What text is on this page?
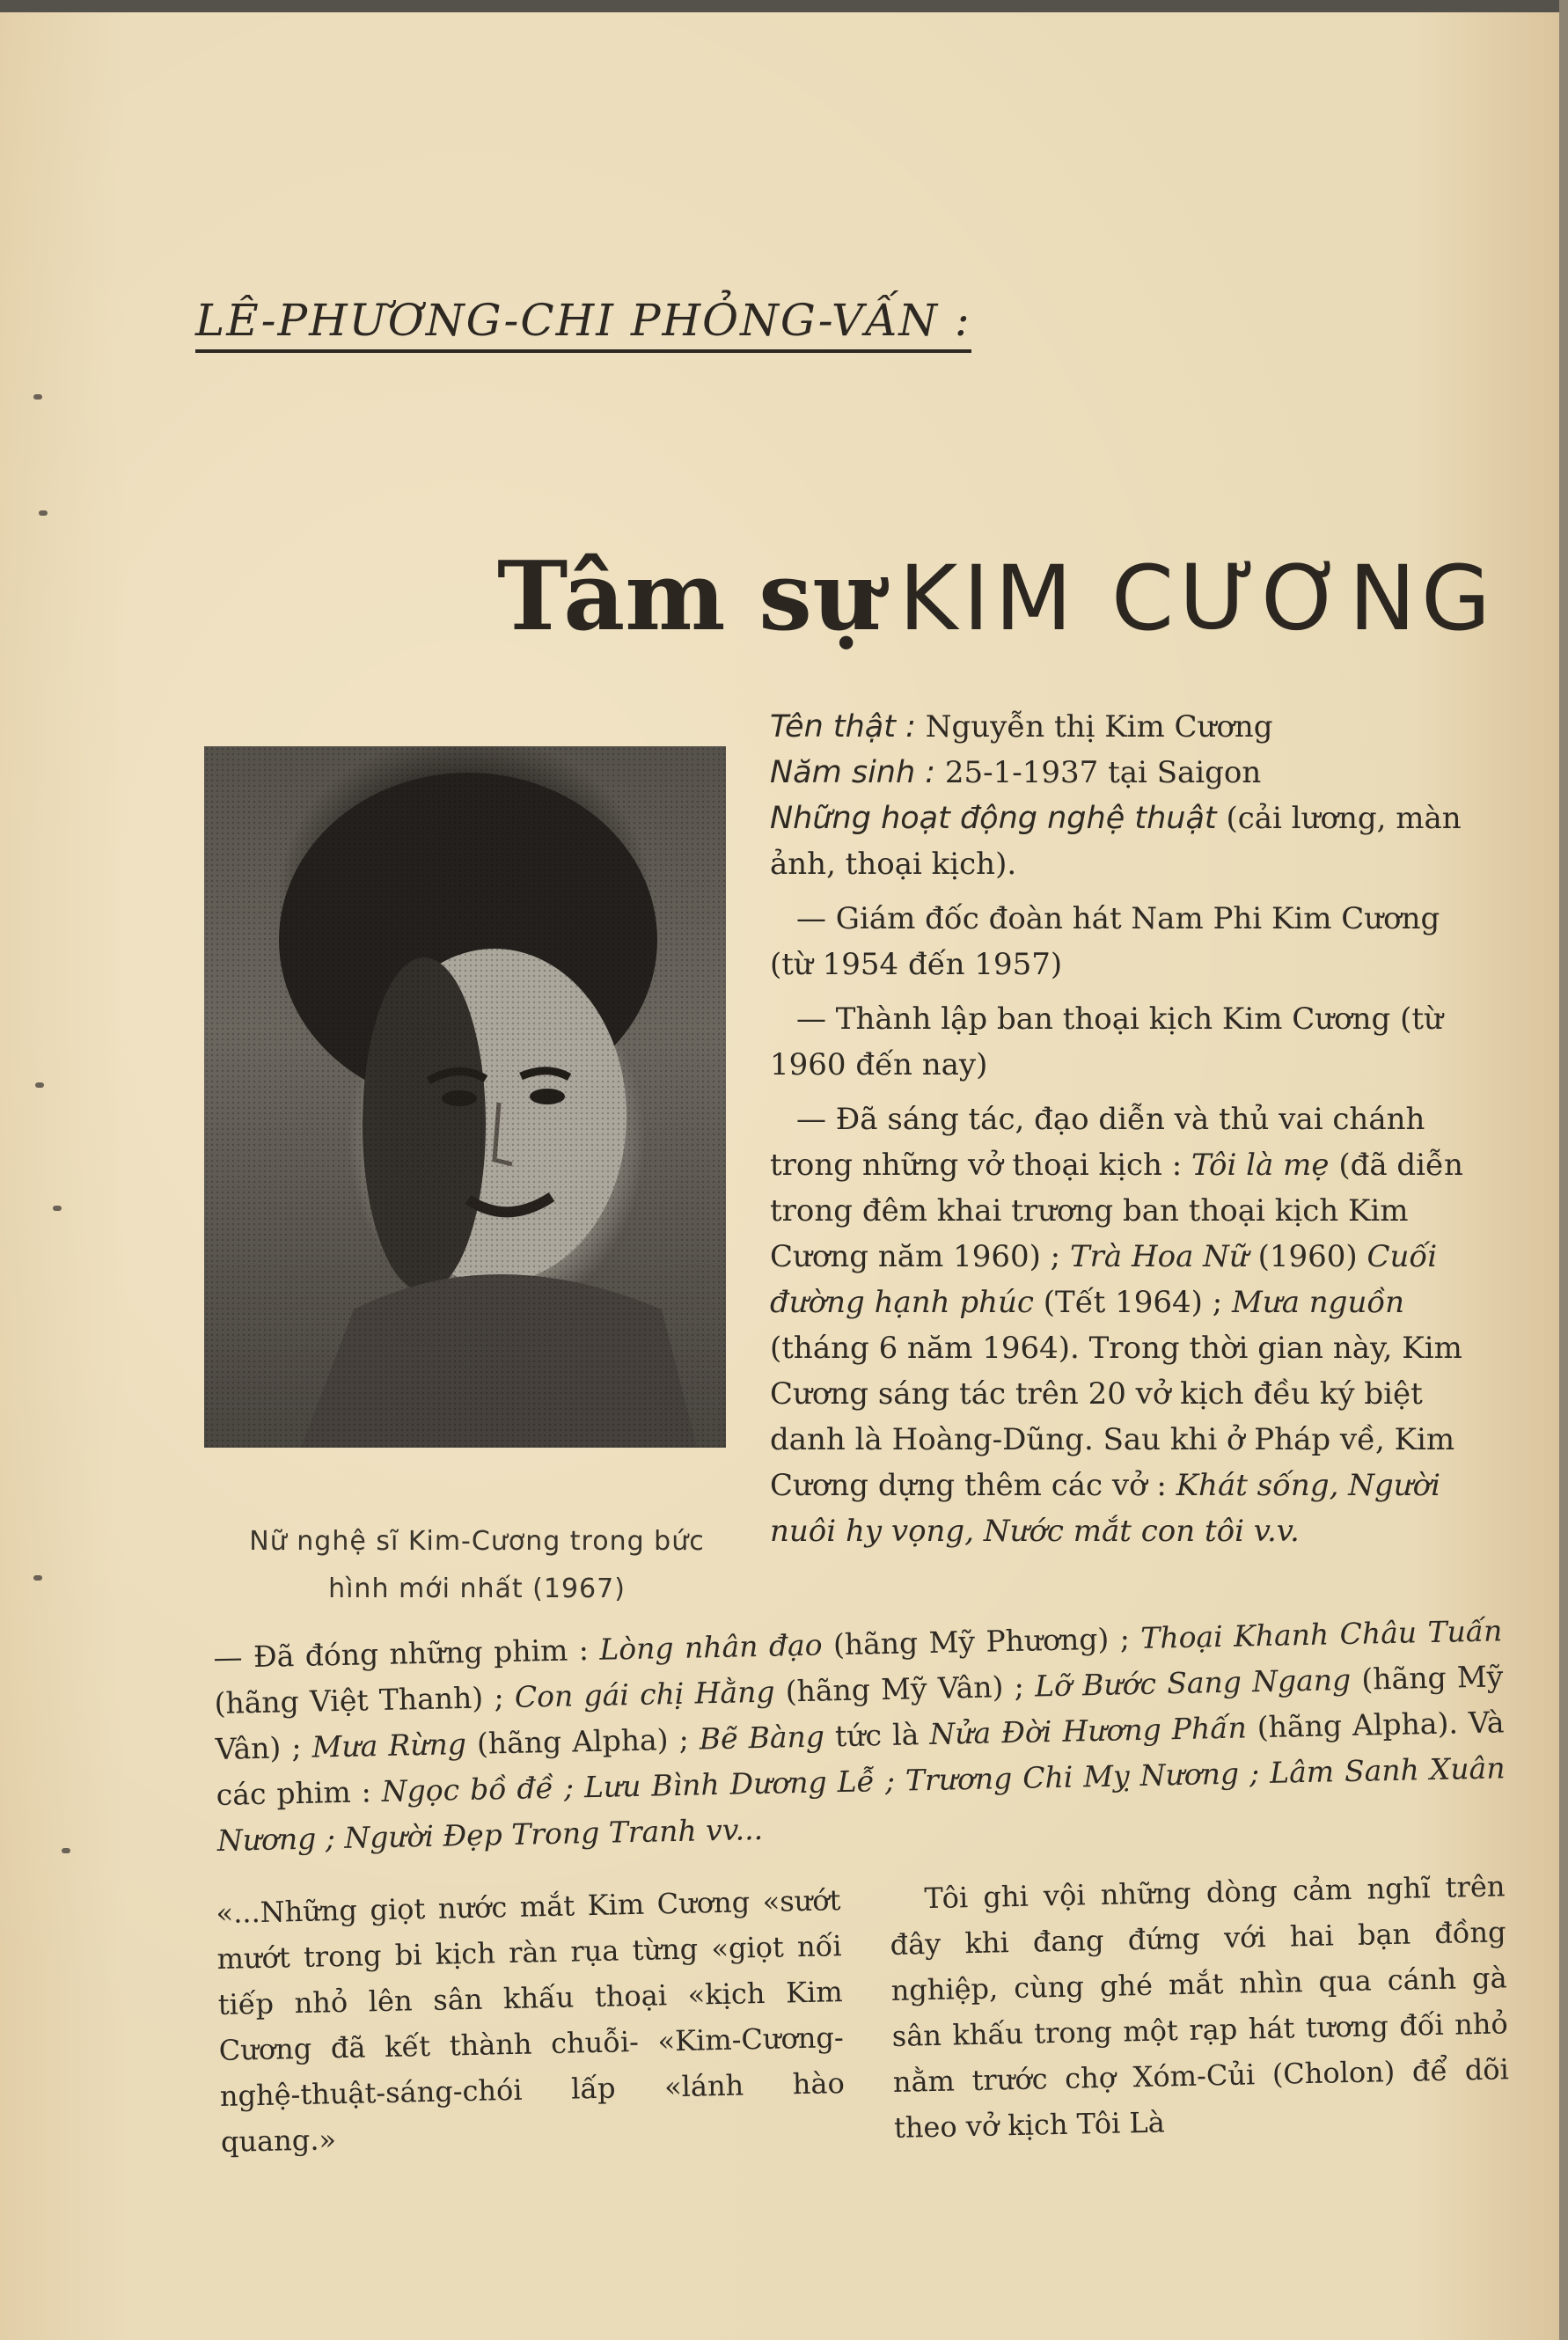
LÊ-PHƯƠNG-CHI PHỎNG-VẤN :
Tâm sự KIM CƯƠNG
Nữ nghệ sĩ Kim-Cương trong bức
hình mới nhất (1967)

Tên thật : Nguyễn thị Kim Cương

Năm sinh : 25-1-1937 tại Saigon

Những hoạt động nghệ thuật (cải lương, màn ảnh, thoại kịch).

— Giám đốc đoàn hát Nam Phi Kim Cương (từ 1954 đến 1957)

— Thành lập ban thoại kịch Kim Cương (từ 1960 đến nay)

— Đã sáng tác, đạo diễn và thủ vai chánh trong những vở thoại kịch : Tôi là mẹ (đã diễn trong đêm khai trương ban thoại kịch Kim Cương năm 1960) ; Trà Hoa Nữ (1960) Cuối đường hạnh phúc (Tết 1964) ; Mưa nguồn (tháng 6 năm 1964). Trong thời gian này, Kim Cương sáng tác trên 20 vở kịch đều ký biệt danh là Hoàng-Dũng. Sau khi ở Pháp về, Kim Cương dựng thêm các vở : Khát sống, Người nuôi hy vọng, Nước mắt con tôi v.v.

— Đã đóng những phim : Lòng nhân đạo (hãng Mỹ Phương) ; Thoại Khanh Châu Tuấn (hãng Việt Thanh) ; Con gái chị Hằng (hãng Mỹ Vân) ; Lỡ Bước Sang Ngang (hãng Mỹ Vân) ; Mưa Rừng (hãng Alpha) ; Bẽ Bàng tức là Nửa Đời Hương Phấn (hãng Alpha). Và các phim : Ngọc bồ đề ; Lưu Bình Dương Lễ ; Trương Chi Mỵ Nương ; Lâm Sanh Xuân Nương ; Người Đẹp Trong Tranh vv...

«...Những giọt nước mắt Kim Cương «sướt mướt trong bi kịch ràn rụa từng «giọt nối tiếp nhỏ lên sân khấu thoại «kịch Kim Cương đã kết thành chuỗi- «Kim-Cương-nghệ-thuật-sáng-chói lấp «lánh hào quang.»

Tôi ghi vội những dòng cảm nghĩ trên đây khi đang đứng với hai bạn đồng nghiệp, cùng ghé mắt nhìn qua cánh gà sân khấu trong một rạp hát tương đối nhỏ nằm trước chợ Xóm-Củi (Cholon) để dõi theo vở kịch Tôi Là
